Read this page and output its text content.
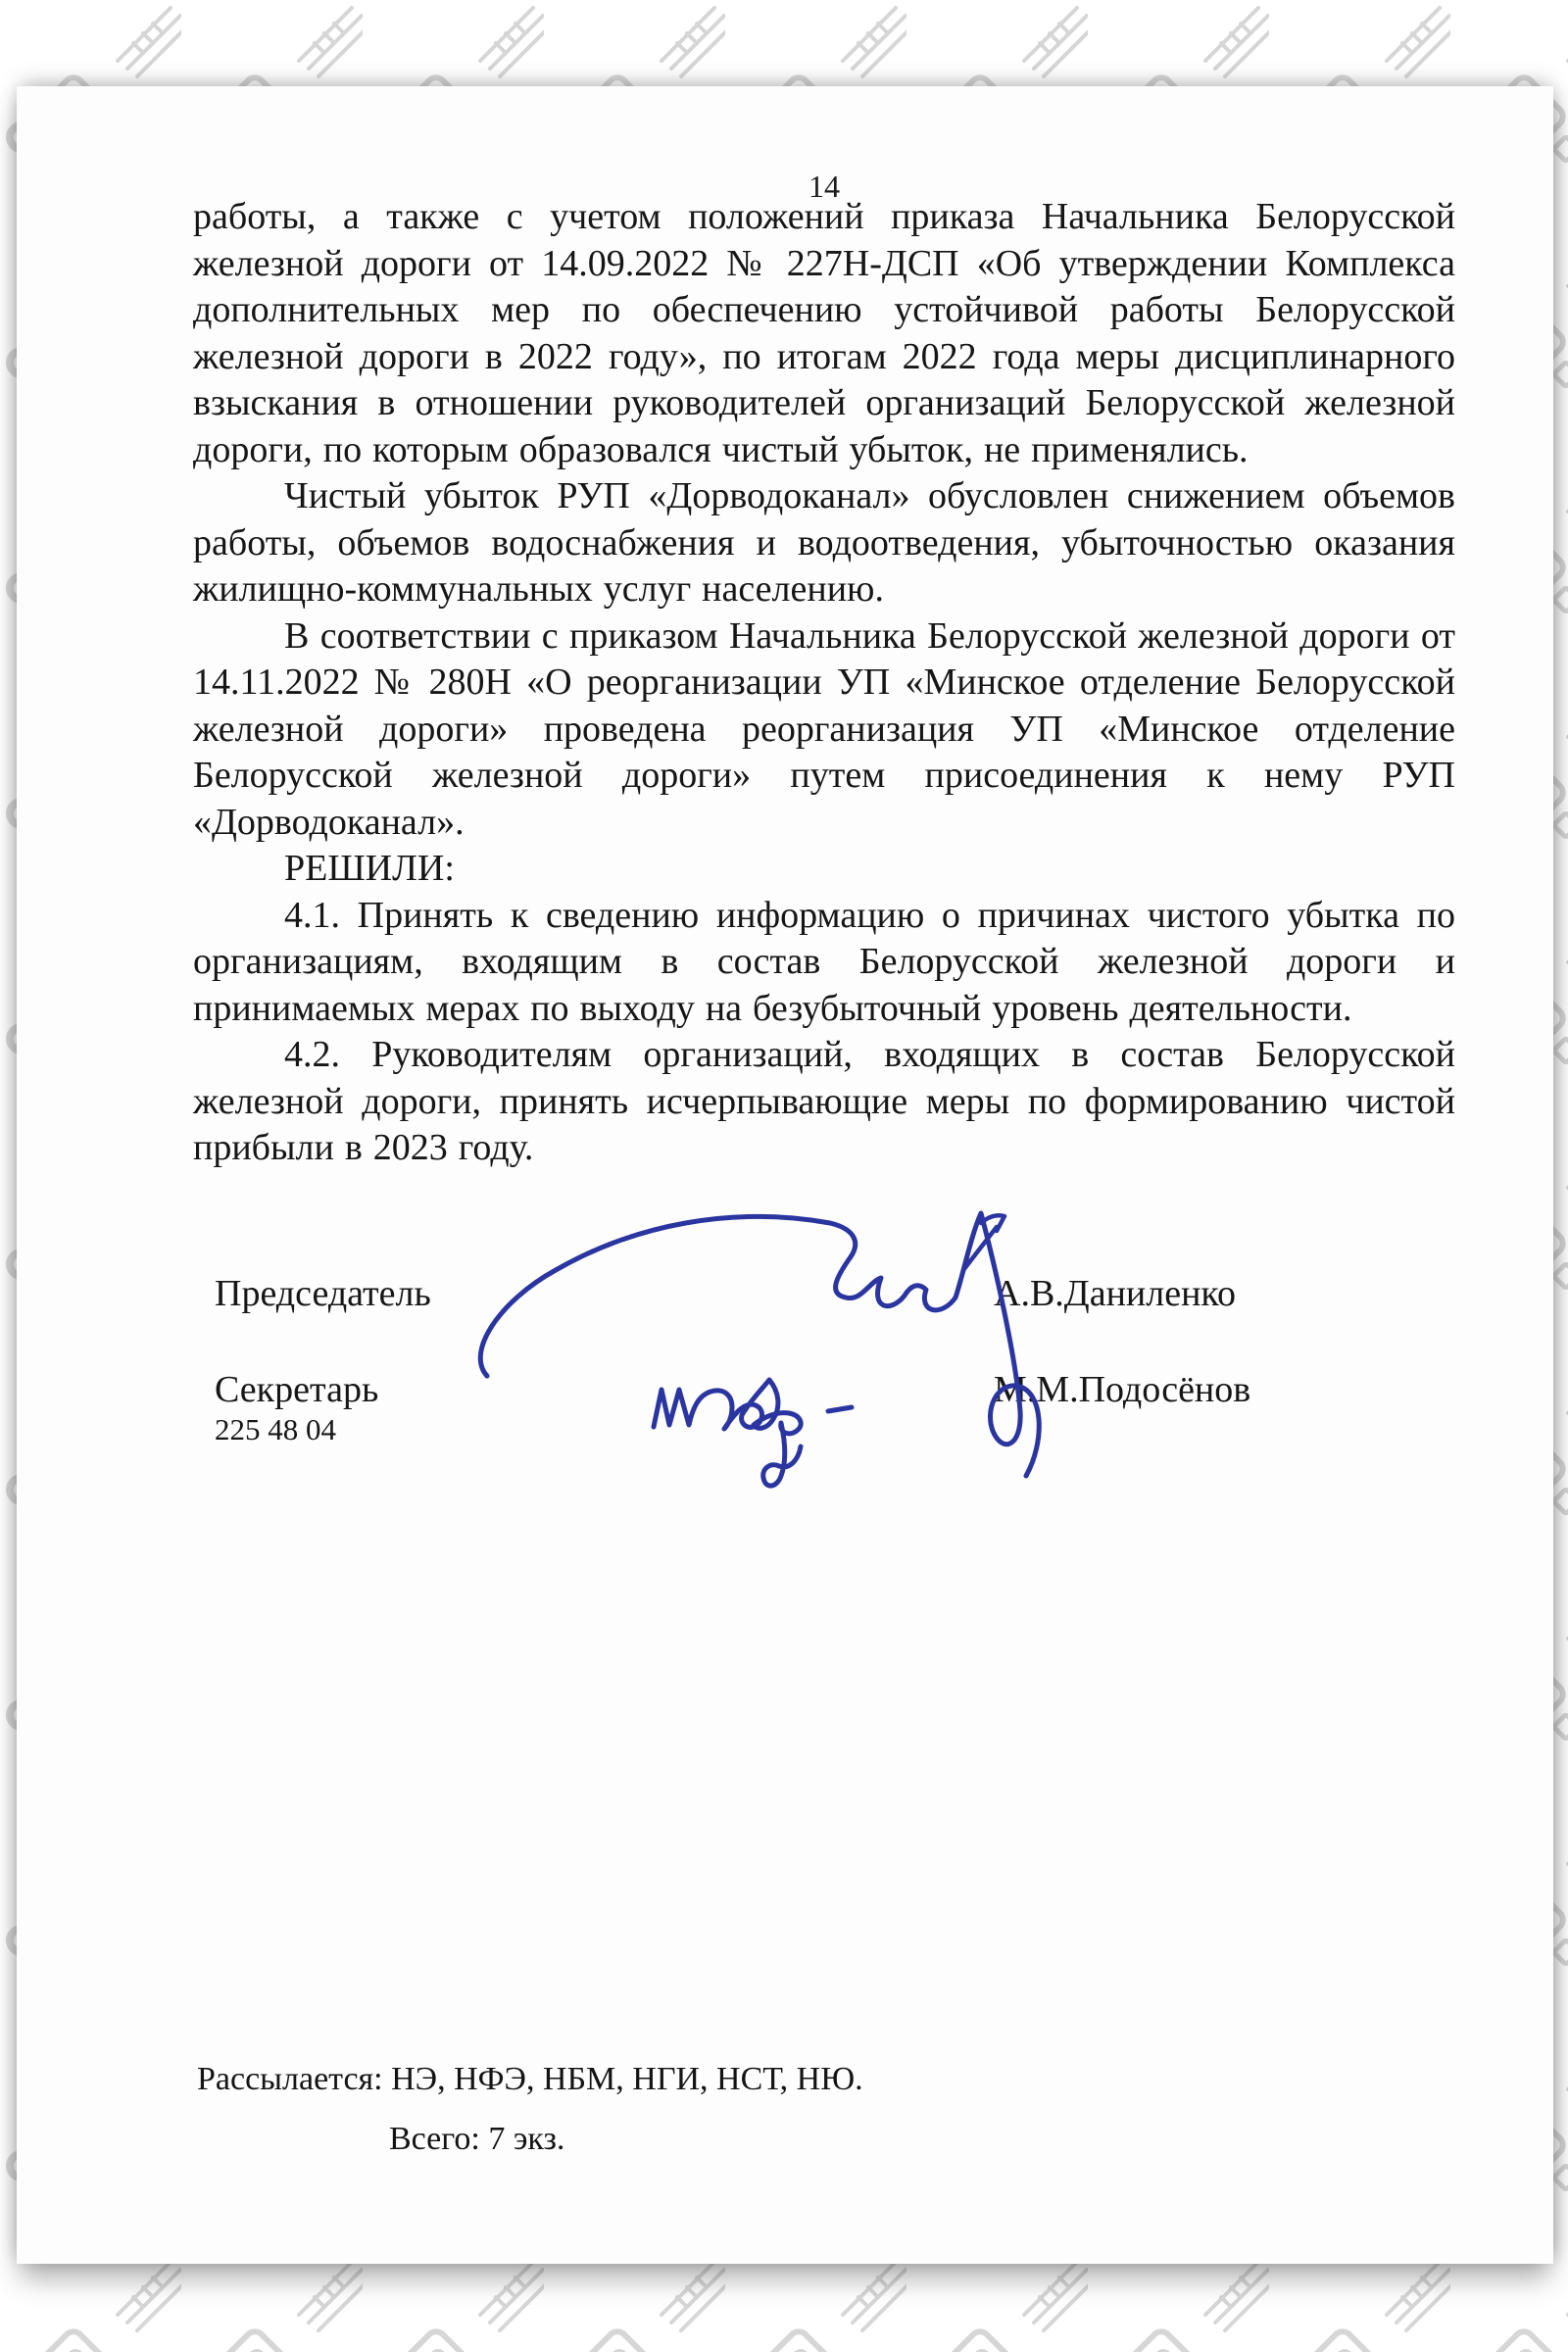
14

работы, а также с учетом положений приказа Начальника Белорусской железной дороги от 14.09.2022 № 227Н-ДСП «Об утверждении Комплекса дополнительных мер по обеспечению устойчивой работы Белорусской железной дороги в 2022 году», по итогам 2022 года меры дисциплинарного взыскания в отношении руководителей организаций Белорусской железной дороги, по которым образовался чистый убыток, не применялись.

Чистый убыток РУП «Дорводоканал» обусловлен снижением объемов работы, объемов водоснабжения и водоотведения, убыточностью оказания жилищно-коммунальных услуг населению.

В соответствии с приказом Начальника Белорусской железной дороги от 14.11.2022 № 280Н «О реорганизации УП «Минское отделение Белорусской железной дороги» проведена реорганизация УП «Минское отделение Белорусской железной дороги» путем присоединения к нему РУП «Дорводоканал».

РЕШИЛИ:

4.1. Принять к сведению информацию о причинах чистого убытка по организациям, входящим в состав Белорусской железной дороги и принимаемых мерах по выходу на безубыточный уровень деятельности.

4.2. Руководителям организаций, входящих в состав Белорусской железной дороги, принять исчерпывающие меры по формированию чистой прибыли в 2023 году.

Председатель	А.В.Даниленко
Секретарь	М.М.Подосёнов
225 48 04
Рассылается: НЭ, НФЭ, НБМ, НГИ, НСТ, НЮ.
Всего: 7 экз.
